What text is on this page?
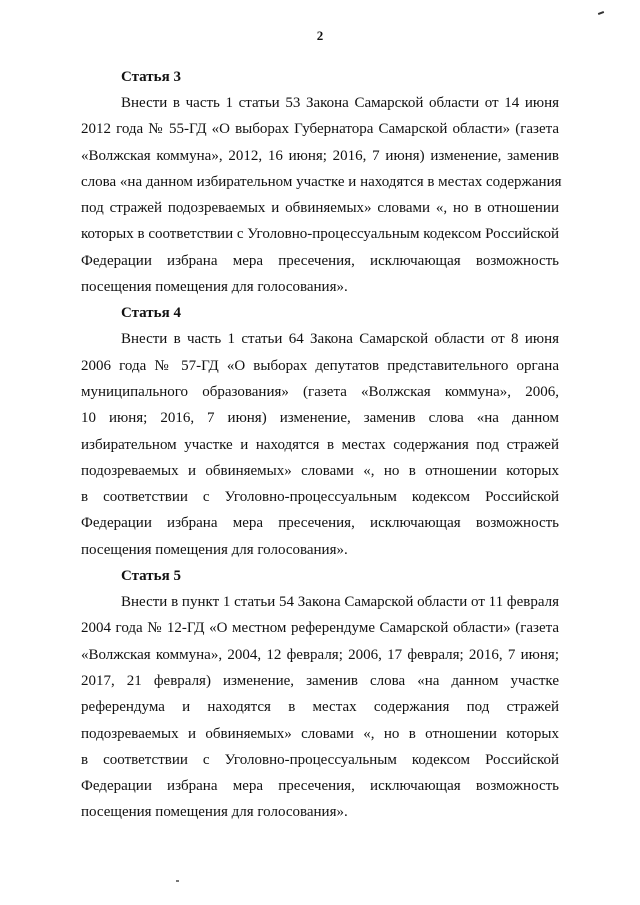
2
Статья 3
Внести в часть 1 статьи 53 Закона Самарской области от 14 июня
2012 года № 55-ГД «О выборах Губернатора Самарской области» (газета
«Волжская коммуна», 2012, 16 июня; 2016, 7 июня) изменение, заменив
слова «на данном избирательном участке и находятся в местах содержания
под стражей подозреваемых и обвиняемых» словами «, но в отношении
которых в соответствии с Уголовно-процессуальным кодексом Российской
Федерации избрана мера пресечения, исключающая возможность
посещения помещения для голосования».
Статья 4
Внести в часть 1 статьи 64 Закона Самарской области от 8 июня
2006 года № 57-ГД «О выборах депутатов представительного органа
муниципального образования» (газета «Волжская коммуна», 2006,
10 июня; 2016, 7 июня) изменение, заменив слова «на данном
избирательном участке и находятся в местах содержания под стражей
подозреваемых и обвиняемых» словами «, но в отношении которых
в соответствии с Уголовно-процессуальным кодексом Российской
Федерации избрана мера пресечения, исключающая возможность
посещения помещения для голосования».
Статья 5
Внести в пункт 1 статьи 54 Закона Самарской области от 11 февраля
2004 года № 12-ГД «О местном референдуме Самарской области» (газета
«Волжская коммуна», 2004, 12 февраля; 2006, 17 февраля; 2016, 7 июня;
2017, 21 февраля) изменение, заменив слова «на данном участке
референдума и находятся в местах содержания под стражей
подозреваемых и обвиняемых» словами «, но в отношении которых
в соответствии с Уголовно-процессуальным кодексом Российской
Федерации избрана мера пресечения, исключающая возможность
посещения помещения для голосования».
